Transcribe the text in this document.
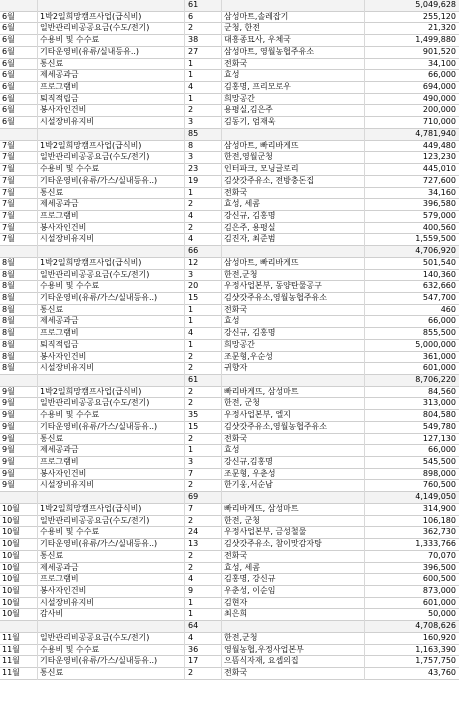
61	5,049,628
6월	1박2일희망캠프사업(급식비)	6	삼성마트,솔레잡기	255,120
6월	일반관리비공공요금(수도/전기)	2	군청, 한전	21,320
6월	수용비 및 수수료	38	대흥종묘사, 우체국	1,499,880
6월	기타운영비(유류/실내등유..)	27	삼성마트, 영월농협주유소	901,520
6월	통신료	1	전화국	34,100
6월	제세공과금	1	효성	66,000
6월	프로그램비	4	김홍명, 프리모로우	694,000
6월	퇴직적립금	1	희망공간	490,000
6월	봉사자인건비	2	용평실,김은주	200,000
6월	시설장비유지비	3	김동기, 엄재욱	710,000
85	4,781,940
7월	1박2일희망캠프사업(급식비)	8	삼성마트, 빠리바게뜨	449,480
7월	일반관리비공공요금(수도/전기)	3	한전,영월군청	123,230
7월	수용비 및 수수료	23	인터파크, 모닝글로리	445,010
7월	기타운영비(유류/가스/실내등유..)	19	김샷갓주유소, 전방충돈집	727,600
7월	통신료	1	전화국	34,160
7월	제세공과금	2	효성, 세콤	396,580
7월	프로그램비	4	강신규, 김홍명	579,000
7월	봉사자인건비	2	김은주, 용평실	400,560
7월	시설장비유지비	4	김진자, 최준범	1,559,500
66	4,706,920
8월	1박2일희망캠프사업(급식비)	12	삼성마트, 빠리바게뜨	501,540
8월	일반관리비공공요금(수도/전기)	3	한전,군청	140,360
8월	수용비 및 수수료	20	우정사업본부, 동양탄물공구	632,660
8월	기타운영비(유류/가스/실내등유..)	15	김샷갓주유소,영월농협주유소	547,700
8월	통신료	1	전화국	460
8월	제세공과금	1	효성	66,000
8월	프로그램비	4	강신규, 김홍명	855,500
8월	퇴직적립금	1	희망공간	5,000,000
8월	봉사자인건비	2	조문형,우순성	361,000
8월	시설장비유지비	2	귀향자	601,000
61	8,706,220
9월	1박2일희망캠프사업(급식비)	2	빠리바게뜨, 삼성마트	84,560
9월	일반관리비공공요금(수도/전기)	2	한전, 군청	313,000
9월	수용비 및 수수료	35	우정사업본부, 엘지	804,580
9월	기타운영비(유류/가스/실내등유..)	15	김샷갓주유소,영월농협주유소	549,780
9월	통신료	2	전화국	127,130
9월	제세공과금	1	효성	66,000
9월	프로그램비	3	강신규,김홍명	545,500
9월	봉사자인건비	7	조문형, 우춘성	898,000
9월	시설장비유지비	2	한기웅,서순남	760,500
69	4,149,050
10월	1박2일희망캠프사업(급식비)	7	빠리바게뜨, 삼성마트	314,900
10월	일반관리비공공요금(수도/전기)	2	한전, 군청	106,180
10월	수용비 및 수수료	24	우정사업본부, 금성철물	362,730
10월	기타운영비(유류/가스/실내등유..)	13	김샷갓주유소, 참이맛감자탕	1,333,766
10월	통신료	2	전화국	70,070
10월	제세공과금	2	효성, 세콤	396,500
10월	프로그램비	4	김홍명, 강신규	600,500
10월	봉사자인건비	9	우춘성, 이순임	873,000
10월	시설장비유지비	1	김현자	601,000
10월	감사비	1	최은희	50,000
64	4,708,626
11월	일반관리비공공요금(수도/전기)	4	한전,군청	160,920
11월	수용비 및 수수료	36	영월농협,우정사업본부	1,163,390
11월	기타운영비(유류/가스/실내등유..)	17	으뜸식자재, 요셉의집	1,757,750
11월	통신료	2	전화국	43,760
